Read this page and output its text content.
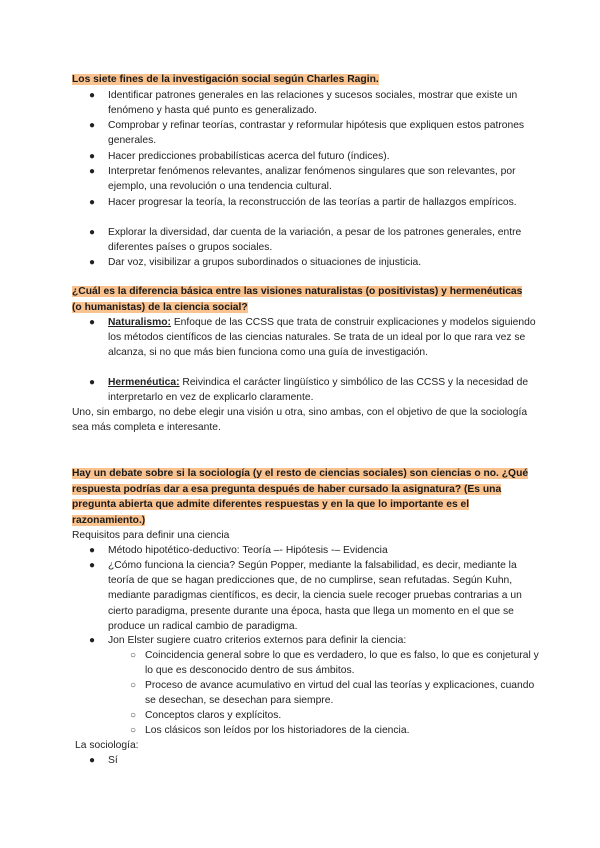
Los siete fines de la investigación social según Charles Ragin.
● Identificar patrones generales en las relaciones y sucesos sociales, mostrar que existe un fenómeno y hasta qué punto es generalizado.
● Comprobar y refinar teorías, contrastar y reformular hipótesis que expliquen estos patrones generales.
● Hacer predicciones probabilísticas acerca del futuro (índices).
● Interpretar fenómenos relevantes, analizar fenómenos singulares que son relevantes, por ejemplo, una revolución o una tendencia cultural.
● Hacer progresar la teoría, la reconstrucción de las teorías a partir de hallazgos empíricos.
● Explorar la diversidad, dar cuenta de la variación, a pesar de los patrones generales, entre diferentes países o grupos sociales.
● Dar voz, visibilizar a grupos subordinados o situaciones de injusticia.
¿Cuál es la diferencia básica entre las visiones naturalistas (o positivistas) y hermenéuticas (o humanistas) de la ciencia social?
● Naturalismo: Enfoque de las CCSS que trata de construir explicaciones y modelos siguiendo los métodos científicos de las ciencias naturales. Se trata de un ideal por lo que rara vez se alcanza, si no que más bien funciona como una guía de investigación.
● Hermenéutica: Reivindica el carácter lingüístico y simbólico de las CCSS y la necesidad de interpretarlo en vez de explicarlo claramente.
Uno, sin embargo, no debe elegir una visión u otra, sino ambas, con el objetivo de que la sociología sea más completa e interesante.
Hay un debate sobre si la sociología (y el resto de ciencias sociales) son ciencias o no. ¿Qué respuesta podrías dar a esa pregunta después de haber cursado la asignatura? (Es una pregunta abierta que admite diferentes respuestas y en la que lo importante es el razonamiento.)
Requisitos para definir una ciencia
● Método hipotético-deductivo: Teoría –- Hipótesis -– Evidencia
● ¿Cómo funciona la ciencia? Según Popper, mediante la falsabilidad, es decir, mediante la teoría de que se hagan predicciones que, de no cumplirse, sean refutadas. Según Kuhn, mediante paradigmas científicos, es decir, la ciencia suele recoger pruebas contrarias a un cierto paradigma, presente durante una época, hasta que llega un momento en el que se produce un radical cambio de paradigma.
● Jon Elster sugiere cuatro criterios externos para definir la ciencia:
○ Coincidencia general sobre lo que es verdadero, lo que es falso, lo que es conjetural y lo que es desconocido dentro de sus ámbitos.
○ Proceso de avance acumulativo en virtud del cual las teorías y explicaciones, cuando se desechan, se desechan para siempre.
○ Conceptos claros y explícitos.
○ Los clásicos son leídos por los historiadores de la ciencia.
La sociología:
● Sí
